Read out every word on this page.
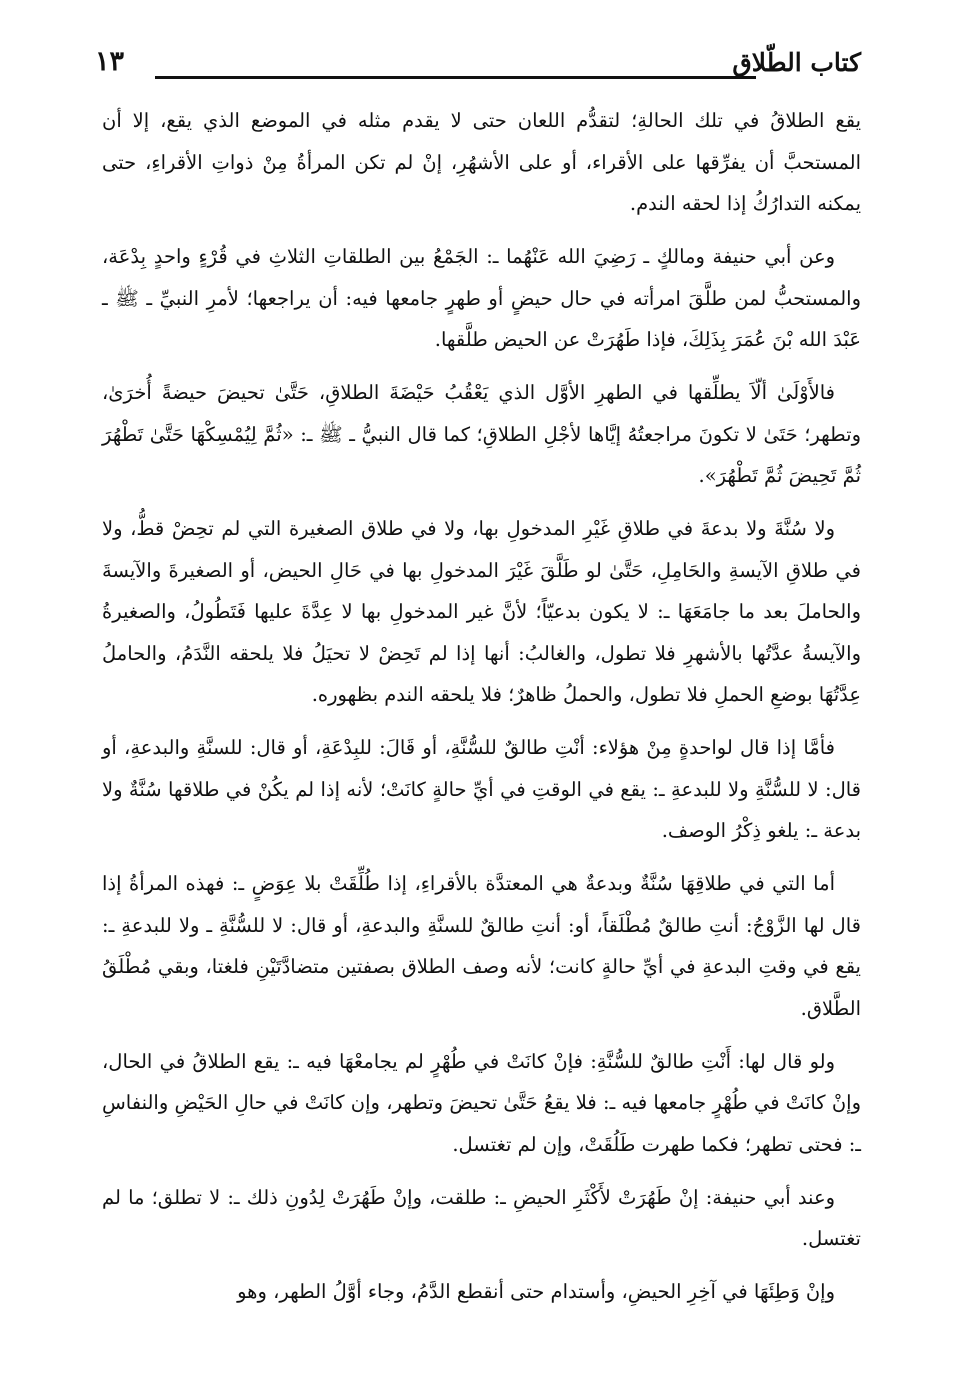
كتاب الطّلاق
١٣

يقع الطلاقُ في تلك الحالةِ؛ لتقدُّم اللعان حتى لا يقدم مثله في الموضع الذي يقع، إلا أن المستحبَّ أن يفرِّقها على الأقراء، أو على الأشهُرِ، إنْ لم تكن المرأةُ مِنْ ذواتِ الأقراءِ، حتى يمكنه التدارُكُ إذا لحقه الندم.

وعن أبي حنيفة ومالكٍ ـ رَضِيَ الله عَنْهُما ـ: الجَمْعُ بين الطلقاتِ الثلاثِ في قُرْءٍ واحدٍ بِدْعَة، والمستحبُّ لمن طلَّقَ امرأته في حال حيضٍ أو طهرٍ جامعها فيه: أن يراجعها؛ لأمرِ النبيِّ ـ ﷺ ـ عَبْدَ الله بْنَ عُمَرَ بِذَلِكَ، فإذا طَهُرَتْ عن الحيض طلَّقها.

فالأَوْلَىٰ ألّاَ يطلِّقها في الطهرِ الأوَّل الذي يَعْقُبُ حَيْضَةَ الطلاقِ، حَتَّىٰ تحيضَ حيضةً أُخرَىٰ، وتطهر؛ حَتَىٰ لا تكونَ مراجعتُهُ إيَّاها لأجْلِ الطلاقِ؛ كما قال النبيُّ ـ ﷺ ـ: «ثُمَّ لِيُمْسِكْهَا حَتَّىٰ تَطْهُرَ ثُمَّ تَحِيضَ ثُمَّ تَطْهُرَ».

ولا سُنَّةَ ولا بدعةَ في طلاقِ غَيْرِ المدخولِ بها، ولا في طلاق الصغيرة التي لم تحِضْ قطُّ، ولا في طلاقِ الآيسةِ والحَامِلِ، حَتَّىٰ لو طَلَّقَ غَيْرَ المدخولِ بها في حَالِ الحيض، أو الصغيرةَ والآيسةَ والحاملَ بعد ما جامَعَهَا ـ: لا يكون بدعيّاً؛ لأنَّ غير المدخولِ بها لا عِدَّةَ عليها فَتَطُولُ، والصغيرةُ والآيسةُ عدَّتُها بالأشهرِ فلا تطول، والغالبُ: أنها إذا لم تَحِضْ لا تحيَلُ فلا يلحقه النَّدَمُ، والحاملُ عِدَّتُهَا بوضعِ الحملِ فلا تطول، والحملُ ظاهرٌ؛ فلا يلحقه الندم بظهوره.

فأمَّا إذا قال لواحدةٍ مِنْ هؤلاء: أنْتِ طالقٌ للسُّنَّةِ، أو قَالَ: للبِدْعَةِ، أو قال: للسنَّةِ والبدعةِ، أو قال: لا للسُّنَّةِ ولا للبدعةِ ـ: يقع في الوقتِ في أيِّ حالةٍ كانَتْ؛ لأنه إذا لم يكُنْ في طلاقها سُنَّةٌ ولا بدعة ـ: يلغو ذِكْرُ الوصف.

أما التي في طلاقِهَا سُنَّةٌ وبدعةٌ هي المعتدَّة بالأقراءِ، إذا طُلِّقَتْ بلا عِوَضٍ ـ: فهذه المرأةُ إذا قال لها الزَّوْجُ: أنتِ طالقٌ مُطْلَقاً، أو: أنتِ طالقٌ للسنَّةِ والبدعةِ، أو قال: لا للسُّنَّةِ ـ ولا للبدعةِ ـ: يقع في وقتِ البدعةِ في أيِّ حالةٍ كانت؛ لأنه وصف الطلاق بصفتين متضادَّتَيْنِ فلغتا، وبقي مُطْلَقُ الطَّلاق.

ولو قال لها: أَنْتِ طالقٌ للسُّنَّةِ: فإنْ كانَتْ في طُهْرٍ لم يجامعْهَا فيه ـ: يقع الطلاقُ في الحال، وإنْ كانَتْ في طُهْرٍ جامعها فيه ـ: فلا يقعُ حَتَّىٰ تحيضَ وتطهر، وإن كانَتْ في حالِ الحَيْضِ والنفاسِ ـ: فحتى تطهر؛ فكما طهرت طَلُقَتْ، وإن لم تغتسل.

وعند أبي حنيفة: إنْ طَهُرَتْ لأَكْثَرِ الحيضِ ـ: طلقت، وإنْ طَهُرَتْ لِدُونِ ذلك ـ: لا تطلق؛ ما لم تغتسل.

وإنْ وَطِئَهَا في آخِرِ الحيضِ، وأستدام حتى أنقطع الدَّمُ، وجاء أوَّلُ الطهر، وهو
